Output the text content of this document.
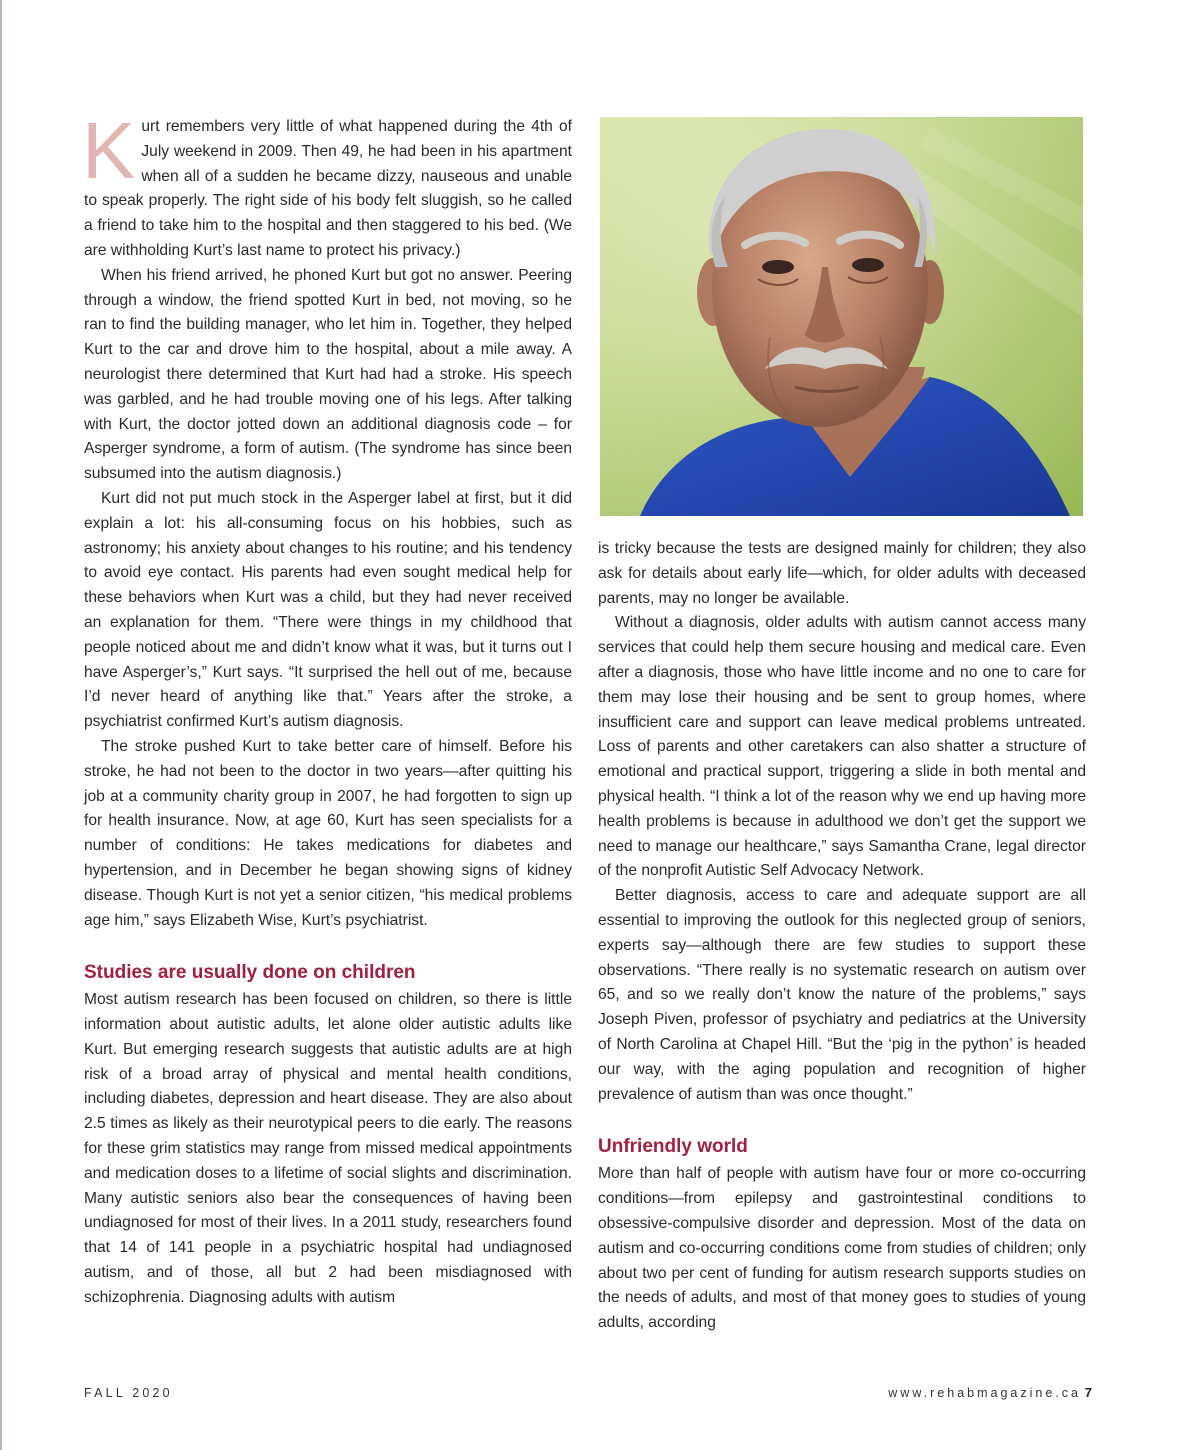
Kurt remembers very little of what happened during the 4th of July weekend in 2009. Then 49, he had been in his apartment when all of a sudden he became dizzy, nauseous and unable to speak properly. The right side of his body felt sluggish, so he called a friend to take him to the hospital and then staggered to his bed. (We are withholding Kurt’s last name to protect his privacy.)

When his friend arrived, he phoned Kurt but got no answer. Peering through a window, the friend spotted Kurt in bed, not moving, so he ran to find the building manager, who let him in. Together, they helped Kurt to the car and drove him to the hospital, about a mile away. A neurologist there determined that Kurt had had a stroke. His speech was garbled, and he had trouble moving one of his legs. After talking with Kurt, the doctor jotted down an additional diagnosis code – for Asperger syndrome, a form of autism. (The syndrome has since been subsumed into the autism diagnosis.)

Kurt did not put much stock in the Asperger label at first, but it did explain a lot: his all-consuming focus on his hobbies, such as astronomy; his anxiety about changes to his routine; and his tendency to avoid eye contact. His parents had even sought medical help for these behaviors when Kurt was a child, but they had never received an explanation for them. “There were things in my childhood that people noticed about me and didn’t know what it was, but it turns out I have Asperger’s,” Kurt says. “It surprised the hell out of me, because I’d never heard of anything like that.” Years after the stroke, a psychiatrist confirmed Kurt’s autism diagnosis.

The stroke pushed Kurt to take better care of himself. Before his stroke, he had not been to the doctor in two years—after quitting his job at a community charity group in 2007, he had forgotten to sign up for health insurance. Now, at age 60, Kurt has seen specialists for a number of conditions: He takes medications for diabetes and hypertension, and in December he began showing signs of kidney disease. Though Kurt is not yet a senior citizen, “his medical problems age him,” says Elizabeth Wise, Kurt’s psychiatrist.

Studies are usually done on children

Most autism research has been focused on children, so there is little information about autistic adults, let alone older autistic adults like Kurt. But emerging research suggests that autistic adults are at high risk of a broad array of physical and mental health conditions, including diabetes, depression and heart disease. They are also about 2.5 times as likely as their neurotypical peers to die early. The reasons for these grim statistics may range from missed medical appointments and medication doses to a lifetime of social slights and discrimination. Many autistic seniors also bear the consequences of having been undiagnosed for most of their lives. In a 2011 study, researchers found that 14 of 141 people in a psychiatric hospital had undiagnosed autism, and of those, all but 2 had been misdiagnosed with schizophrenia. Diagnosing adults with autism

is tricky because the tests are designed mainly for children; they also ask for details about early life—which, for older adults with deceased parents, may no longer be available.

Without a diagnosis, older adults with autism cannot access many services that could help them secure housing and medical care. Even after a diagnosis, those who have little income and no one to care for them may lose their housing and be sent to group homes, where insufficient care and support can leave medical problems untreated. Loss of parents and other caretakers can also shatter a structure of emotional and practical support, triggering a slide in both mental and physical health. “I think a lot of the reason why we end up having more health problems is because in adulthood we don’t get the support we need to manage our healthcare,” says Samantha Crane, legal director of the nonprofit Autistic Self Advocacy Network.

Better diagnosis, access to care and adequate support are all essential to improving the outlook for this neglected group of seniors, experts say—although there are few studies to support these observations. “There really is no systematic research on autism over 65, and so we really don’t know the nature of the problems,” says Joseph Piven, professor of psychiatry and pediatrics at the University of North Carolina at Chapel Hill. “But the ‘pig in the python’ is headed our way, with the aging population and recognition of higher prevalence of autism than was once thought.”

Unfriendly world

More than half of people with autism have four or more co-occurring conditions—from epilepsy and gastrointestinal conditions to obsessive-compulsive disorder and depression. Most of the data on autism and co-occurring conditions come from studies of children; only about two per cent of funding for autism research supports studies on the needs of adults, and most of that money goes to studies of young adults, according

FALL 2020	www.rehabmagazine.ca 7
